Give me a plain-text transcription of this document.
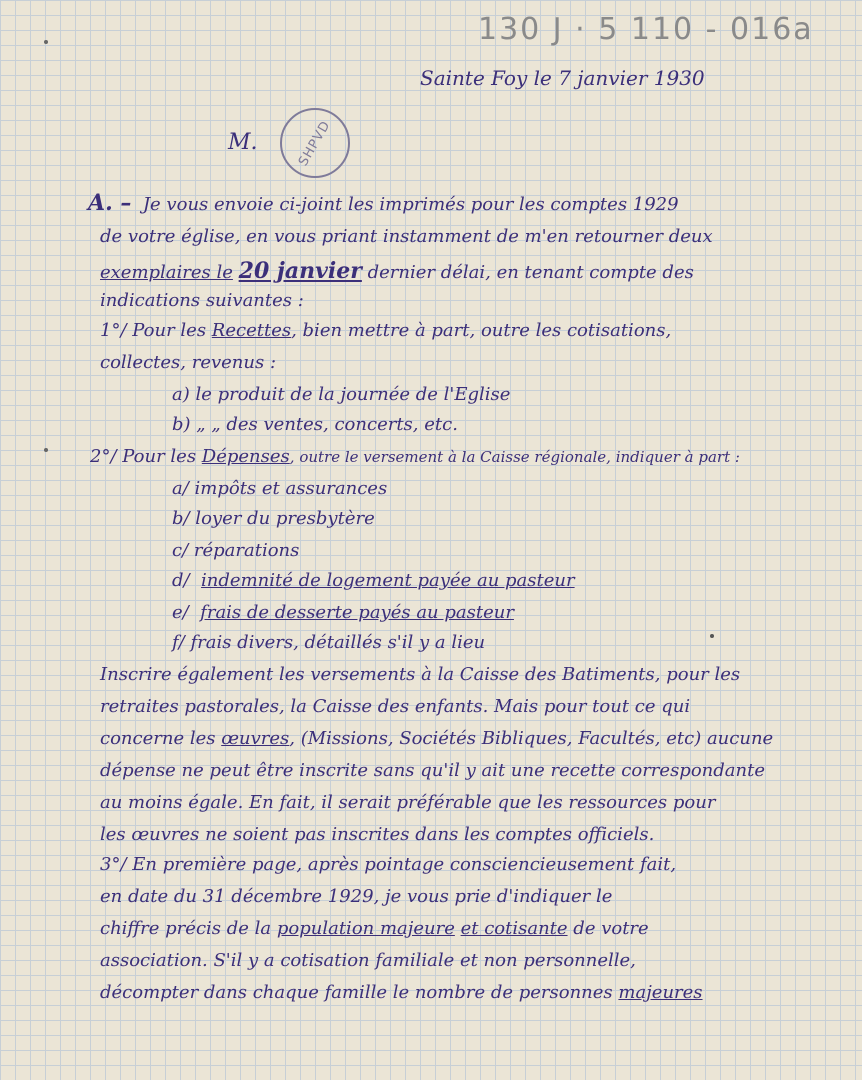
130 J · 5 110 - 016a
Sainte Foy le 7 janvier 1930
M.	SHPVD
A. – Je vous envoie ci-joint les imprimés pour les comptes 1929
de votre église, en vous priant instamment de m'en retourner deux
exemplaires le 20 janvier dernier délai, en tenant compte des
indications suivantes :
1°/ Pour les Recettes, bien mettre à part, outre les cotisations,
collectes, revenus :
a) le produit de la journée de l'Eglise
b) „ „ des ventes, concerts, etc.
2°/ Pour les Dépenses, outre le versement à la Caisse régionale, indiquer à part :
a/ impôts et assurances
b/ loyer du presbytère
c/ réparations
d/ indemnité de logement payée au pasteur
e/ frais de desserte payés au pasteur
f/ frais divers, détaillés s'il y a lieu
Inscrire également les versements à la Caisse des Batiments, pour les
retraites pastorales, la Caisse des enfants. Mais pour tout ce qui
concerne les œuvres, (Missions, Sociétés Bibliques, Facultés, etc) aucune
dépense ne peut être inscrite sans qu'il y ait une recette correspondante
au moins égale. En fait, il serait préférable que les ressources pour
les œuvres ne soient pas inscrites dans les comptes officiels.
3°/ En première page, après pointage consciencieusement fait,
en date du 31 décembre 1929, je vous prie d'indiquer le
chiffre précis de la population majeure et cotisante de votre
association. S'il y a cotisation familiale et non personnelle,
décompter dans chaque famille le nombre de personnes majeures
